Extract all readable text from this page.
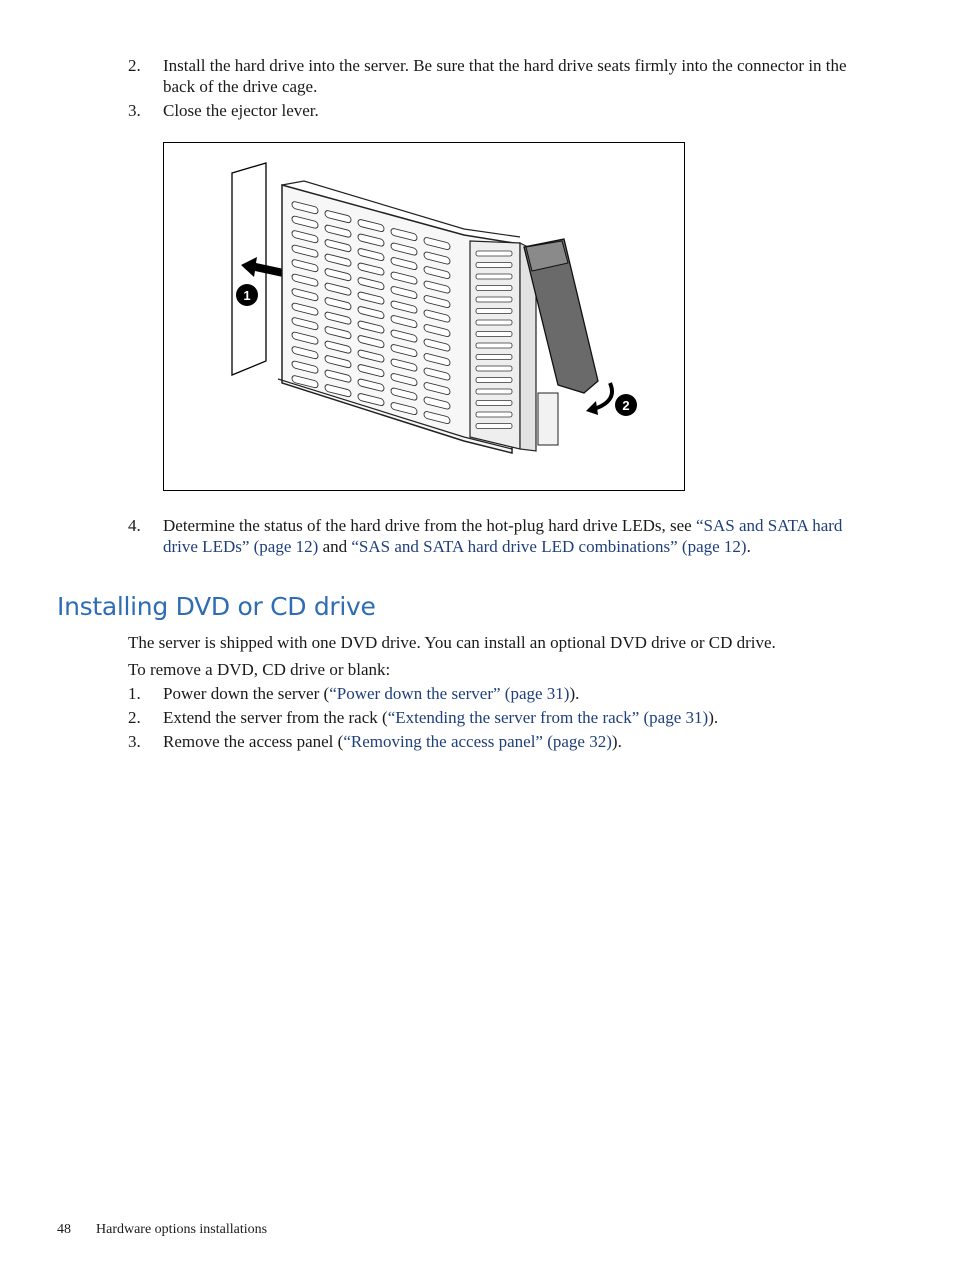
2. Install the hard drive into the server. Be sure that the hard drive seats firmly into the connector in the back of the drive cage.
3. Close the ejector lever.
1
2
4. Determine the status of the hard drive from the hot-plug hard drive LEDs, see “SAS and SATA hard drive LEDs” (page 12) and “SAS and SATA hard drive LED combinations” (page 12).
Installing DVD or CD drive
The server is shipped with one DVD drive. You can install an optional DVD drive or CD drive.
To remove a DVD, CD drive or blank:
1. Power down the server (“Power down the server” (page 31)).
2. Extend the server from the rack (“Extending the server from the rack” (page 31)).
3. Remove the access panel (“Removing the access panel” (page 32)).
48 Hardware options installations
